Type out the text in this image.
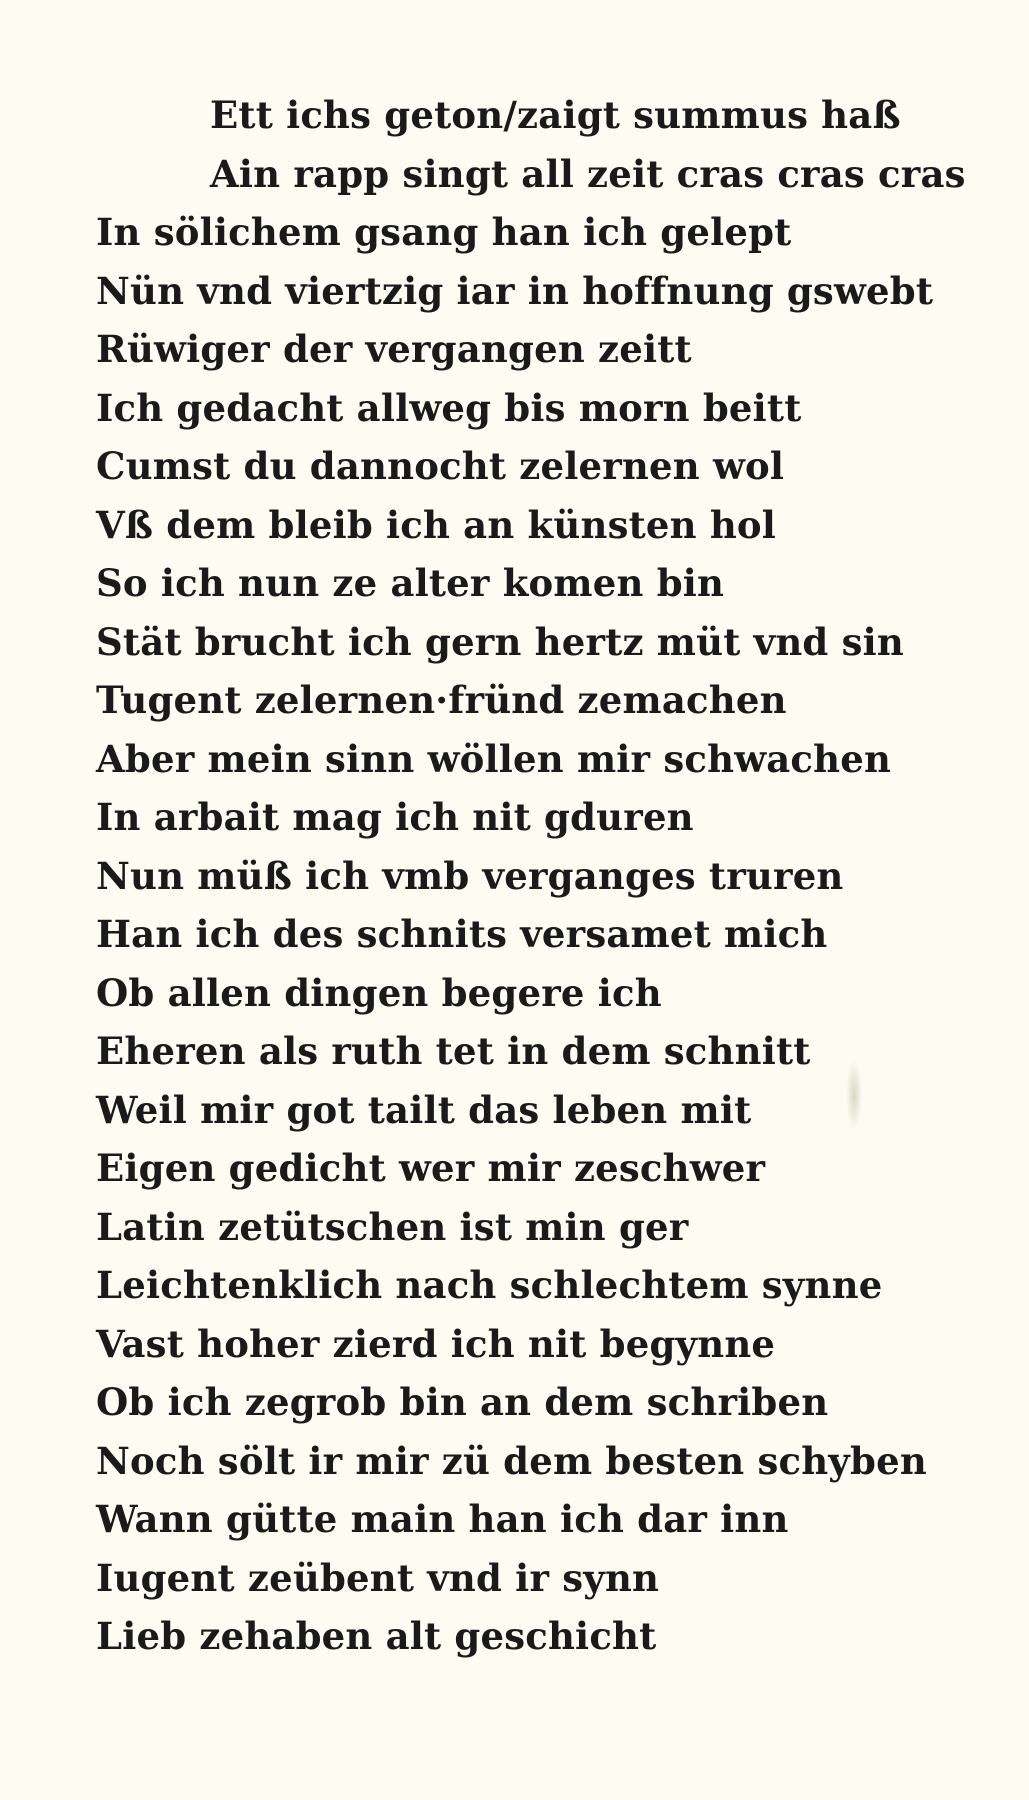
Ett ichs geton/zaigt summus haß
Ain rapp singt all zeit cras cras cras
In sölichem gsang han ich gelept
Nün vnd viertzig iar in hoffnung gswebt
Rüwiger der vergangen zeitt
Ich gedacht allweg bis morn beitt
Cumst du dannocht zelernen wol
Vß dem bleib ich an künsten hol
So ich nun ze alter komen bin
Stät brucht ich gern hertz müt vnd sin
Tugent zelernen·fründ zemachen
Aber mein sinn wöllen mir schwachen
In arbait mag ich nit gduren
Nun müß ich vmb verganges truren
Han ich des schnits versamet mich
Ob allen dingen begere ich
Eheren als ruth tet in dem schnitt
Weil mir got tailt das leben mit
Eigen gedicht wer mir zeschwer
Latin zetütschen ist min ger
Leichtenklich nach schlechtem synne
Vast hoher zierd ich nit begynne
Ob ich zegrob bin an dem schriben
Noch sölt ir mir zü dem besten schyben
Wann gütte main han ich dar inn
Iugent zeübent vnd ir synn
Lieb zehaben alt geschicht
